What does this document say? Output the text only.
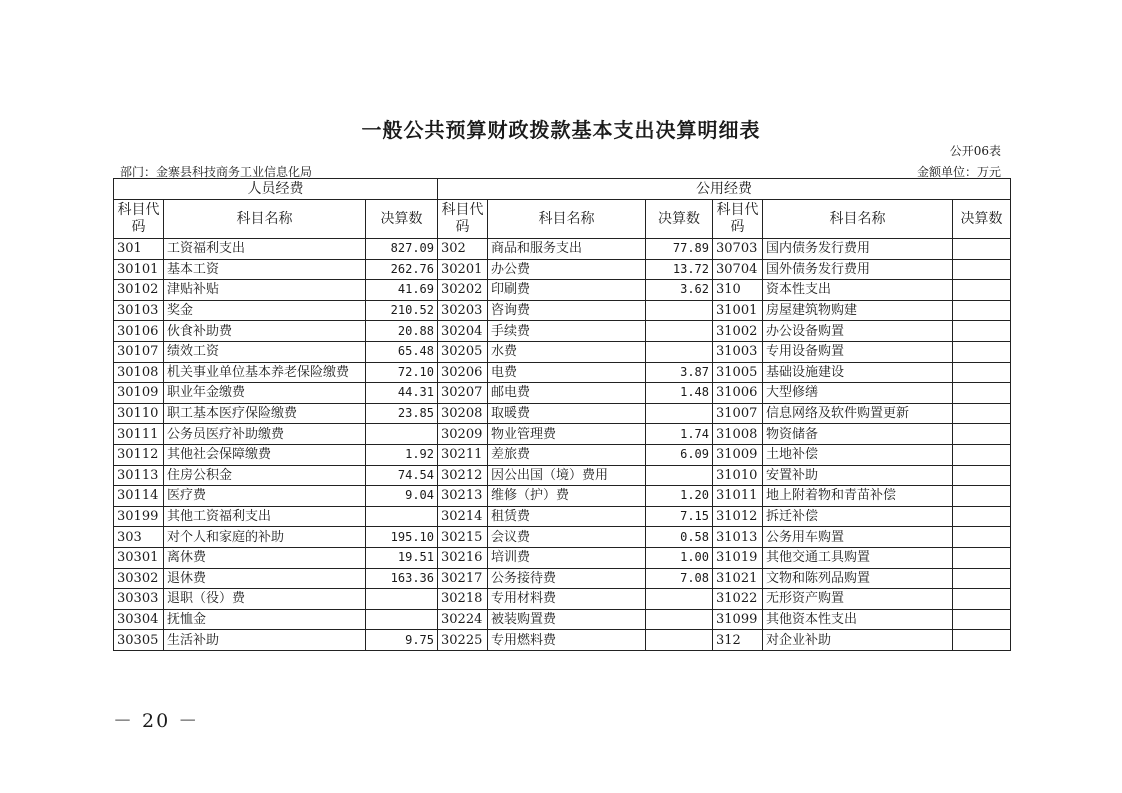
一般公共预算财政拨款基本支出决算明细表
公开06表
部门：金寨县科技商务工业信息化局	金额单位：万元
人员经费			公用经费					
科目代码	科目名称	决算数	科目代码	科目名称	决算数	科目代码	科目名称	决算数
301	工资福利支出	827.09	302	商品和服务支出	77.89	30703	国内债务发行费用	
30101	基本工资	262.76	30201	办公费	13.72	30704	国外债务发行费用	
30102	津贴补贴	41.69	30202	印刷费	3.62	310	资本性支出	
30103	奖金	210.52	30203	咨询费		31001	房屋建筑物购建	
30106	伙食补助费	20.88	30204	手续费		31002	办公设备购置	
30107	绩效工资	65.48	30205	水费		31003	专用设备购置	
30108	机关事业单位基本养老保险缴费	72.10	30206	电费	3.87	31005	基础设施建设	
30109	职业年金缴费	44.31	30207	邮电费	1.48	31006	大型修缮	
30110	职工基本医疗保险缴费	23.85	30208	取暖费		31007	信息网络及软件购置更新	
30111	公务员医疗补助缴费		30209	物业管理费	1.74	31008	物资储备	
30112	其他社会保障缴费	1.92	30211	差旅费	6.09	31009	土地补偿	
30113	住房公积金	74.54	30212	因公出国（境）费用		31010	安置补助	
30114	医疗费	9.04	30213	维修（护）费	1.20	31011	地上附着物和青苗补偿	
30199	其他工资福利支出		30214	租赁费	7.15	31012	拆迁补偿	
303	对个人和家庭的补助	195.10	30215	会议费	0.58	31013	公务用车购置	
30301	离休费	19.51	30216	培训费	1.00	31019	其他交通工具购置	
30302	退休费	163.36	30217	公务接待费	7.08	31021	文物和陈列品购置	
30303	退职（役）费		30218	专用材料费		31022	无形资产购置	
30304	抚恤金		30224	被装购置费		31099	其他资本性支出	
30305	生活补助	9.75	30225	专用燃料费		312	对企业补助	
－ 20 －
